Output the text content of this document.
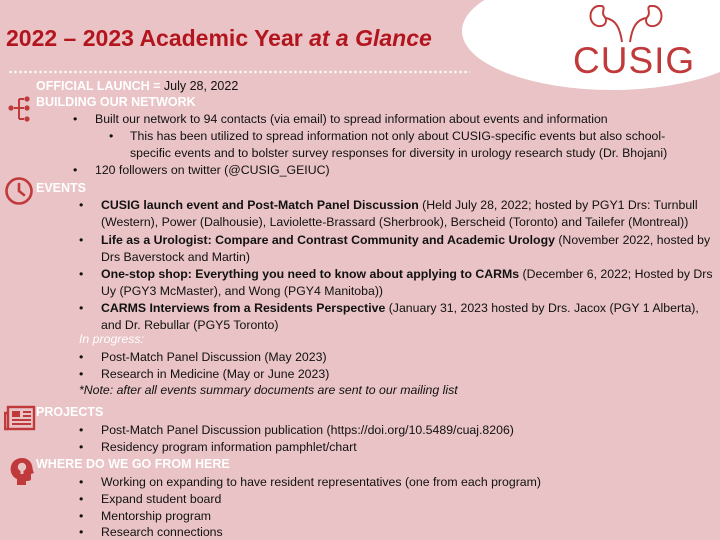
CUSIG
2022 – 2023 Academic Year at a Glance
OFFICIAL LAUNCH = July 28, 2022
BUILDING OUR NETWORK
• Built our network to 94 contacts (via email) to spread information about events and information
• This has been utilized to spread information not only about CUSIG-specific events but also school-
specific events and to bolster survey responses for diversity in urology research study (Dr. Bhojani)
• 120 followers on twitter (@CUSIG_GEIUC)
EVENTS
• CUSIG launch event and Post-Match Panel Discussion (Held July 28, 2022; hosted by PGY1 Drs: Turnbull
(Western), Power (Dalhousie), Laviolette-Brassard (Sherbrook), Berscheid (Toronto) and Tailefer (Montreal))
• Life as a Urologist: Compare and Contrast Community and Academic Urology (November 2022, hosted by
Drs Baverstock and Martin)
• One-stop shop: Everything you need to know about applying to CARMs (December 6, 2022; Hosted by Drs
Uy (PGY3 McMaster), and Wong (PGY4 Manitoba))
• CARMS Interviews from a Residents Perspective (January 31, 2023 hosted by Drs. Jacox (PGY 1 Alberta),
and Dr. Rebullar (PGY5 Toronto)
In progress:
• Post-Match Panel Discussion (May 2023)
• Research in Medicine (May or June 2023)
*Note: after all events summary documents are sent to our mailing list
PROJECTS
• Post-Match Panel Discussion publication (https://doi.org/10.5489/cuaj.8206)
• Residency program information pamphlet/chart
WHERE DO WE GO FROM HERE
• Working on expanding to have resident representatives (one from each program)
• Expand student board
• Mentorship program
• Research connections
